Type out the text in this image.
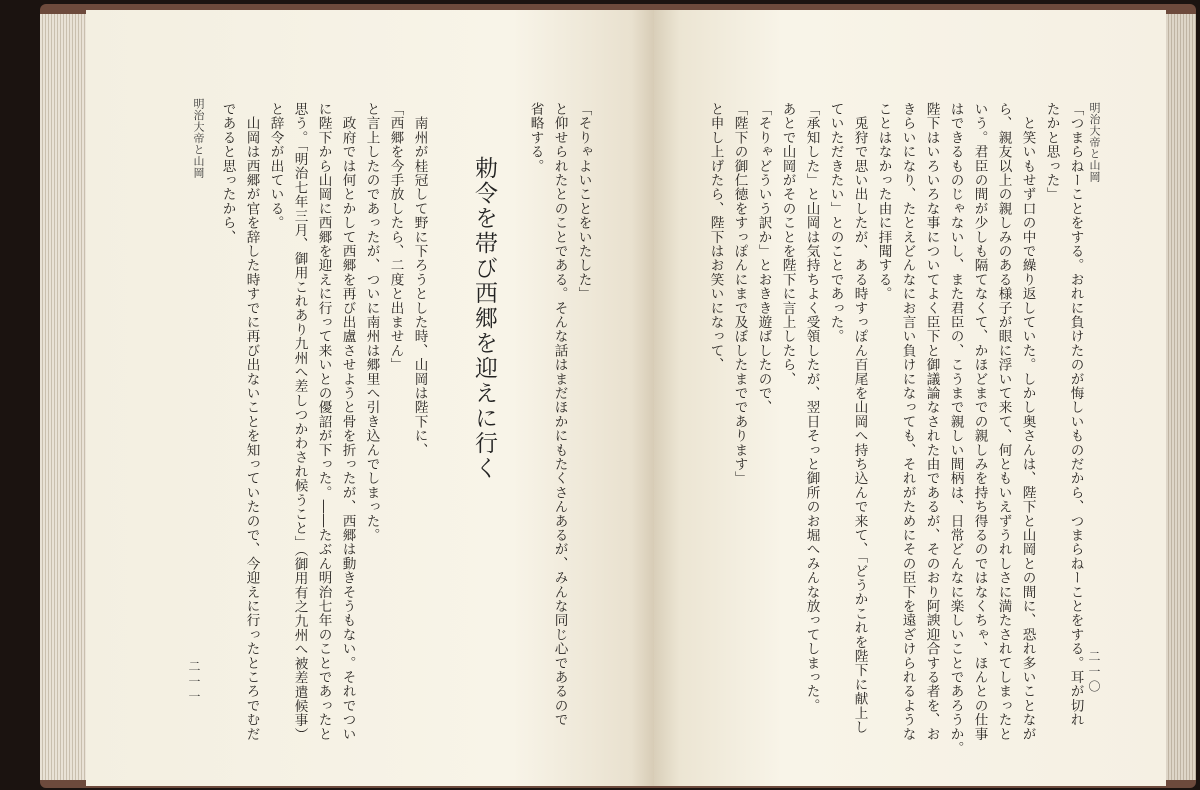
「そりゃよいことをいたした」
と仰せられたとのことである。そんな話はまだほかにもたくさんあるが、みんな同じ心であるので
省略する。
　南州が桂冠して野に下ろうとした時、山岡は陛下に、
「西郷を今手放したら、二度と出ません」
と言上したのであったが、ついに南州は郷里へ引き込んでしまった。
　政府では何とかして西郷を再び出盧させようと骨を折ったが、西郷は動きそうもない。それでつい
に陛下から山岡に西郷を迎えに行って来いとの優詔が下った。――たぶん明治七年のことであったと
思う。「明治七年三月、御用これあり九州へ差しつかわされ候うこと」（御用有之九州へ被差遣候事）
と辞令が出ている。
　山岡は西郷が官を辞した時すでに再び出ないことを知っていたので、今迎えに行ったところでむだ
であると思ったから、	勅令を帯び西郷を迎えに行く
明治大帝と山岡
二一一	「つまらねーことをする。おれに負けたのが悔しいものだから、つまらねーことをする。耳が切れ
たかと思った」
　と笑いもせず口の中で繰り返していた。しかし奥さんは、陛下と山岡との間に、恐れ多いことなが
ら、親友以上の親しみのある様子が眼に浮いて来て、何ともいえずうれしさに満たされてしまったと
いう。君臣の間が少しも隔てなくて、かほどまでの親しみを持ち得るのではなくちゃ、ほんとの仕事
はできるものじゃないし、また君臣の、こうまで親しい間柄は、日常どんなに楽しいことであろうか。
陛下はいろいろな事についてよく臣下と御議論なされた由であるが、そのおり阿諛迎合する者を、お
きらいになり、たとえどんなにお言い負けになっても、それがためにその臣下を遠ざけられるような
ことはなかった由に拝聞する。
　兎狩で思い出したが、ある時すっぽん百尾を山岡へ持ち込んで来て、「どうかこれを陛下に献上し
ていただきたい」とのことであった。
「承知した」と山岡は気持ちよく受領したが、翌日そっと御所のお堀へみんな放ってしまった。
あとで山岡がそのことを陛下に言上したら、
「そりゃどういう訳か」とおきき遊ばしたので、
「陛下の御仁徳をすっぽんにまで及ぼしたまでであります」
と申し上げたら、陛下はお笑いになって、	明治大帝と山岡
二一〇
